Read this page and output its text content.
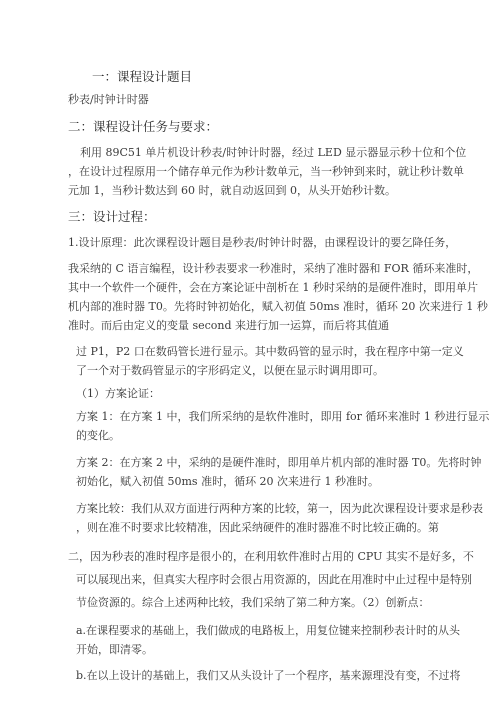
一：课程设计题目
秒表/时钟计时器
二：课程设计任务与要求：
利用 89C51 单片机设计秒表/时钟计时器，经过 LED 显示器显示秒十位和个位
，在设计过程原用一个储存单元作为秒计数单元，当一秒钟到来时，就让秒计数单
元加 1，当秒计数达到 60 时，就自动返回到 0，从头开始秒计数。
三：设计过程：
1.设计原理：此次课程设计题目是秒表/时钟计时器，由课程设计的要乞降任务，
我采纳的 C 语言编程，设计秒表要求一秒准时，采纳了准时器和 FOR 循环来准时，
其中一个软件一个硬件，会在方案论证中剖析在 1 秒时采纳的是硬件准时，即用单片
机内部的准时器 T0。先将时钟初始化，赋入初值 50ms 准时，循环 20 次来进行 1 秒
准时。而后由定义的变量 second 来进行加一运算，而后将其值通
过 P1，P2 口在数码管长进行显示。其中数码管的显示时，我在程序中第一定义
了一个对于数码管显示的字形码定义，以便在显示时调用即可。
（1）方案论证：
方案 1：在方案 1 中，我们所采纳的是软件准时，即用 for 循环来准时 1 秒进行显示
的变化。
方案 2：在方案 2 中，采纳的是硬件准时，即用单片机内部的准时器 T0。先将时钟
初始化，赋入初值 50ms 准时，循环 20 次来进行 1 秒准时。
方案比较：我们从双方面进行两种方案的比较，第一，因为此次课程设计要求是秒表
，则在准不时要求比较精准，因此采纳硬件的准时器准不时比较正确的。第
二，因为秒表的准时程序是很小的，在利用软件准时占用的 CPU 其实不是好多，不
可以展现出来，但真实大程序时会很占用资源的，因此在用准时中止过程中是特别
节俭资源的。综合上述两种比较，我们采纳了第二种方案。（2）创新点：
a.在课程要求的基础上，我们做成的电路板上，用复位键来控制秒表计时的从头
开始，即清零。
b.在以上设计的基础上，我们又从头设计了一个程序，基来源理没有变，不过将
